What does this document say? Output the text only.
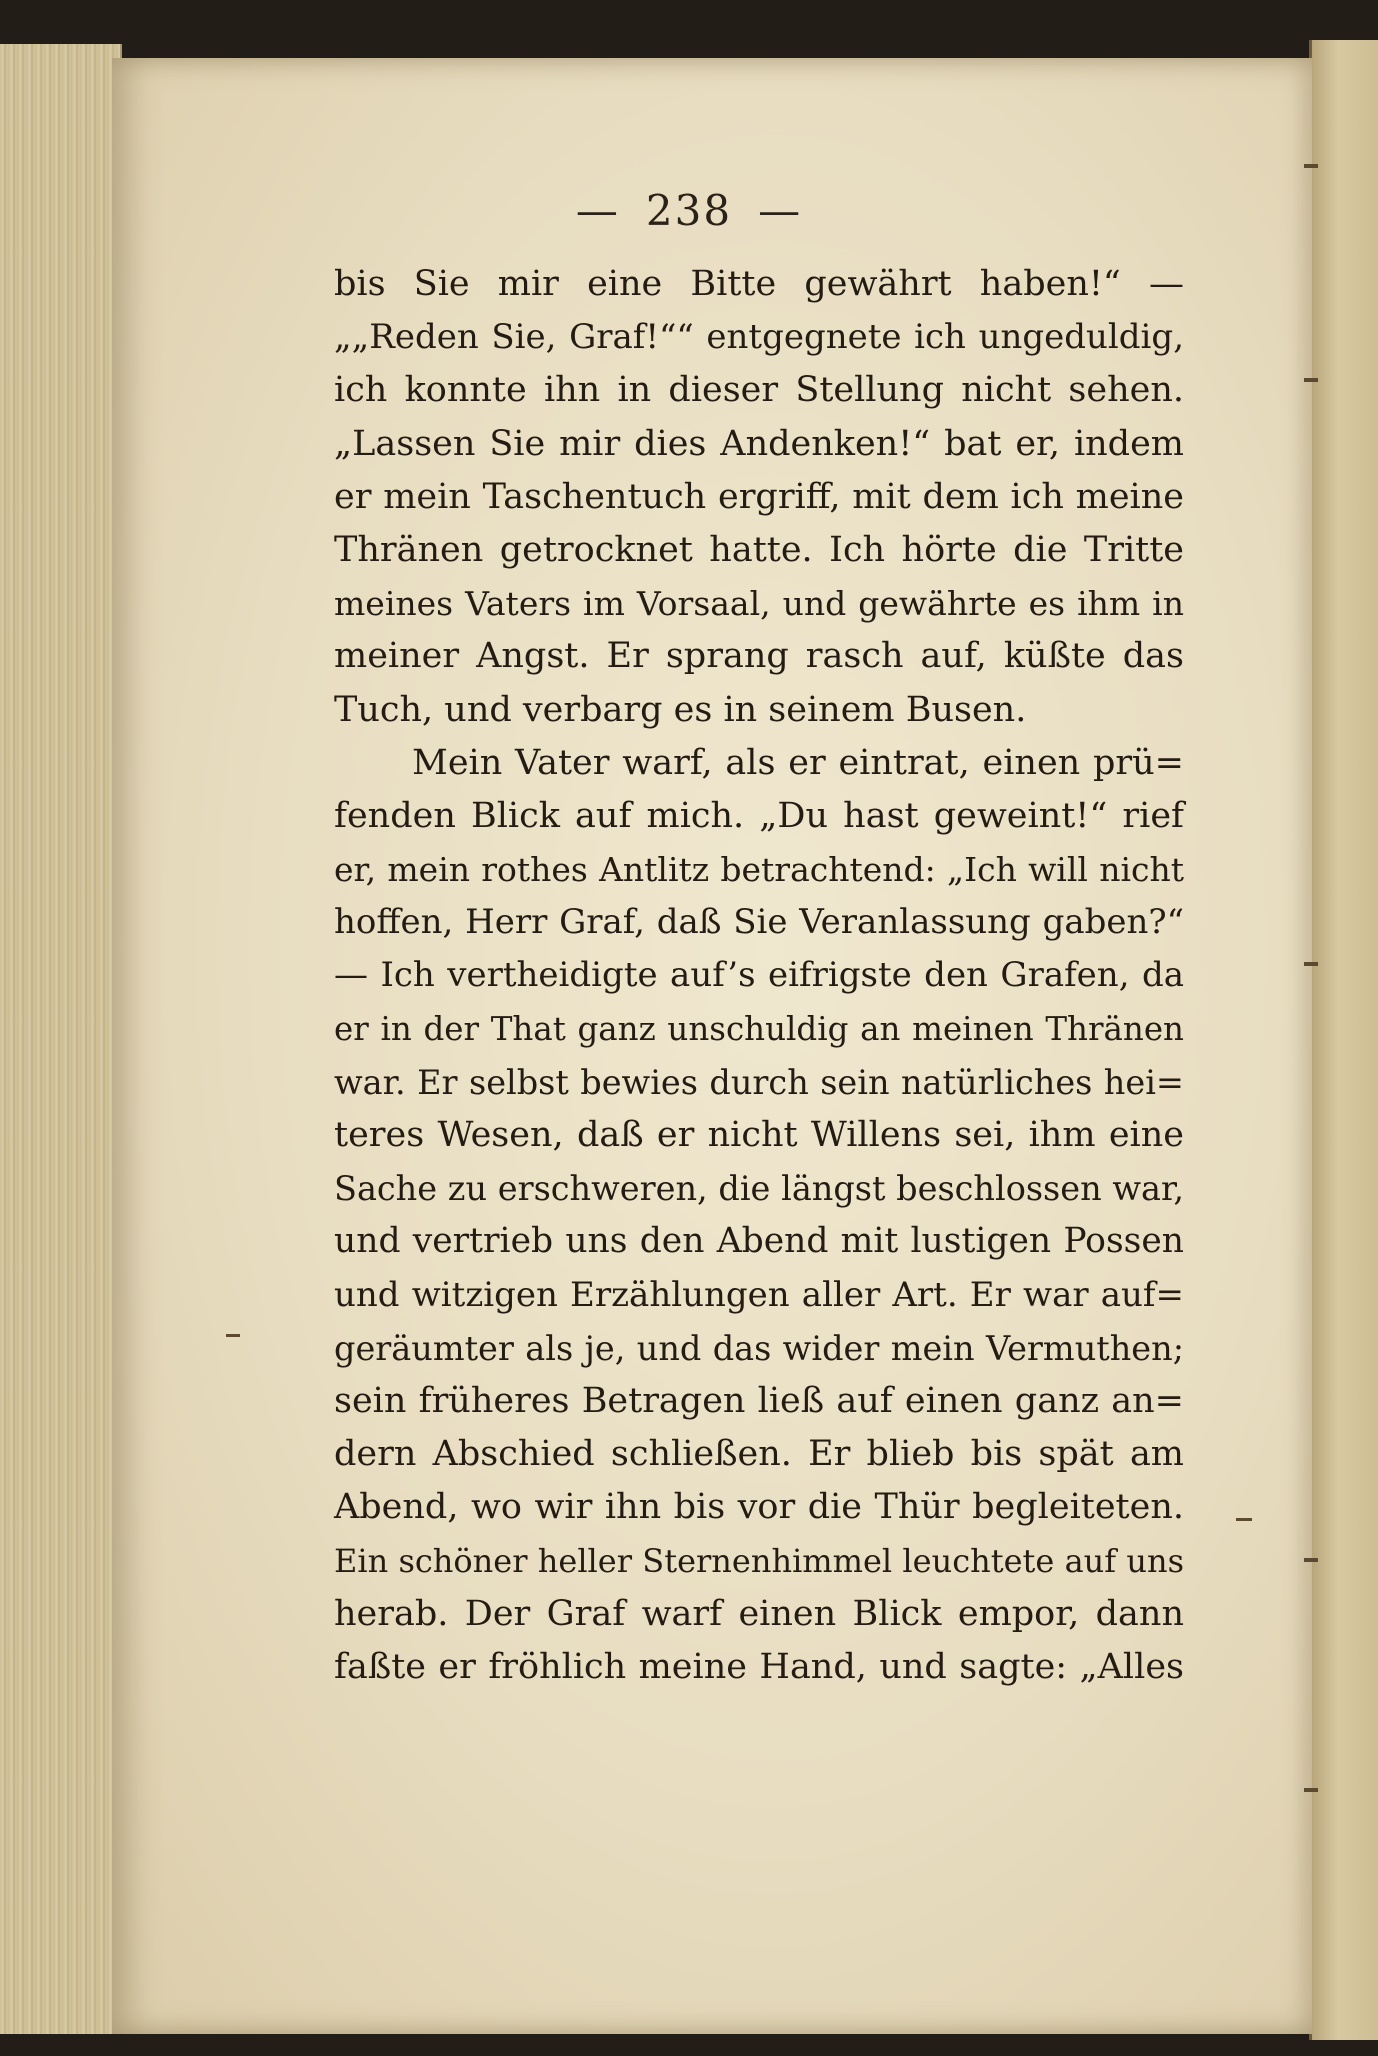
— 238 —
bis Sie mir eine Bitte gewährt haben!“ —
„„Reden Sie, Graf!““ entgegnete ich ungeduldig,
ich konnte ihn in dieser Stellung nicht sehen.
„Lassen Sie mir dies Andenken!“ bat er, indem
er mein Taschentuch ergriff, mit dem ich meine
Thränen getrocknet hatte. Ich hörte die Tritte
meines Vaters im Vorsaal, und gewährte es ihm in
meiner Angst. Er sprang rasch auf, küßte das
Tuch, und verbarg es in seinem Busen.
Mein Vater warf, als er eintrat, einen prü=
fenden Blick auf mich. „Du hast geweint!“ rief
er, mein rothes Antlitz betrachtend: „Ich will nicht
hoffen, Herr Graf, daß Sie Veranlassung gaben?“
— Ich vertheidigte auf’s eifrigste den Grafen, da
er in der That ganz unschuldig an meinen Thränen
war. Er selbst bewies durch sein natürliches hei=
teres Wesen, daß er nicht Willens sei, ihm eine
Sache zu erschweren, die längst beschlossen war,
und vertrieb uns den Abend mit lustigen Possen
und witzigen Erzählungen aller Art. Er war auf=
geräumter als je, und das wider mein Vermuthen;
sein früheres Betragen ließ auf einen ganz an=
dern Abschied schließen. Er blieb bis spät am
Abend, wo wir ihn bis vor die Thür begleiteten.
Ein schöner heller Sternenhimmel leuchtete auf uns
herab. Der Graf warf einen Blick empor, dann
faßte er fröhlich meine Hand, und sagte: „Alles
